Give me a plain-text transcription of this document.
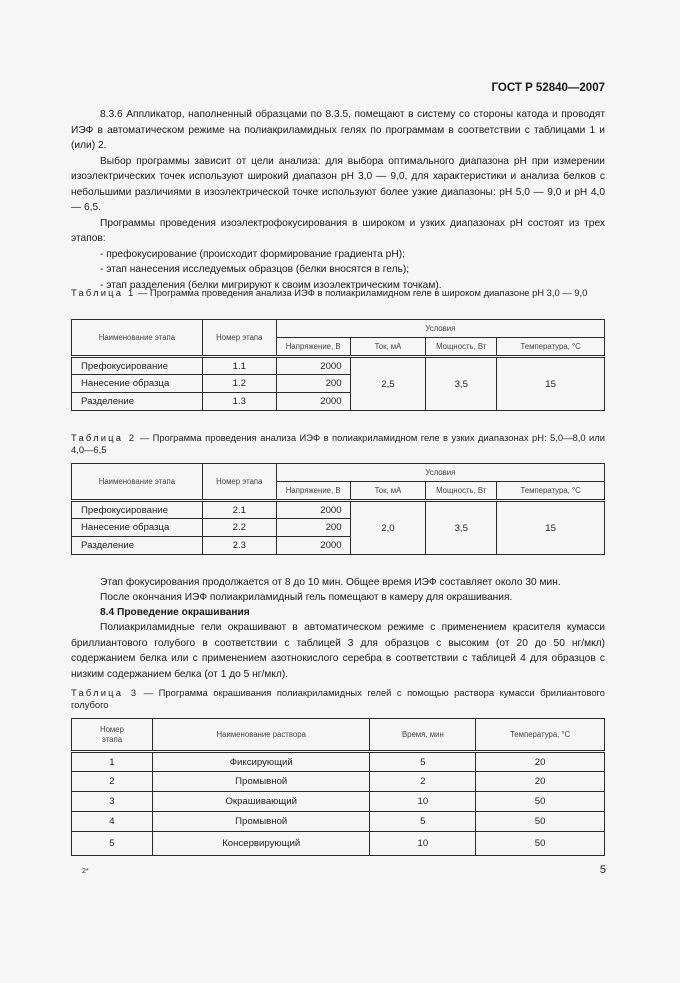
ГОСТ Р 52840—2007

8.3.6 Аппликатор, наполненный образцами по 8.3.5, помещают в систему со стороны катода и проводят ИЭФ в автоматическом режиме на полиакриламидных гелях по программам в соответствии с таблицами 1 и (или) 2.

Выбор программы зависит от цели анализа: для выбора оптимального диапазона pH при измерении изоэлектрических точек используют широкий диапазон pH 3,0 — 9,0, для характеристики и анализа белков с небольшими различиями в изоэлектрической точке используют более узкие диапазоны: pH 5,0 — 9,0 и pH 4,0 — 6,5.

Программы проведения изоэлектрофокусирования в широком и узких диапазонах pH состоят из трех этапов:

- префокусирование (происходит формирование градиента pH);

- этап нанесения исследуемых образцов (белки вносятся в гель);

- этап разделения (белки мигрируют к своим изоэлектрическим точкам).

Таблица 1 — Программа проведения анализа ИЭФ в полиакриламидном геле в широком диапазоне pH 3,0 — 9,0
Наименование этапа	Номер этапа	Условия			
		Напряжение, В	Ток, мА	Мощность, Вт	Температура, °С
Префокусирование	1.1	2000	2,5	3,5	15
Нанесение образца	1.2	200			
Разделение	1.3	2000			
Таблица 2 — Программа проведения анализа ИЭФ в полиакриламидном геле в узких диапазонах pH: 5,0—8,0 или 4,0—6,5
Наименование этапа	Номер этапа	Условия			
		Напряжение, В	Ток, мА	Мощность, Вт	Температура, °С
Префокусирование	2.1	2000	2,0	3,5	15
Нанесение образца	2.2	200			
Разделение	2.3	2000			

Этап фокусирования продолжается от 8 до 10 мин. Общее время ИЭФ составляет около 30 мин.

После окончания ИЭФ полиакриламидный гель помещают в камеру для окрашивания.

8.4 Проведение окрашивания

Полиакриламидные гели окрашивают в автоматическом режиме с применением красителя кумасси бриллиантового голубого в соответствии с таблицей 3 для образцов с высоким (от 20 до 50 нг/мкл) содержанием белка или с применением азотнокислого серебра в соответствии с таблицей 4 для образцов с низким содержанием белка (от 1 до 5 нг/мкл).

Таблица 3 — Программа окрашивания полиакриламидных гелей с помощью раствора кумасси брилиантового голубого
Номер этапа	Наименование раствора	Время, мин	Температура, °С
1	Фиксирующий	5	20
2	Промывной	2	20
3	Окрашивающий	10	50
4	Промывной	5	50
5	Консервирующий	10	50
2*	5
